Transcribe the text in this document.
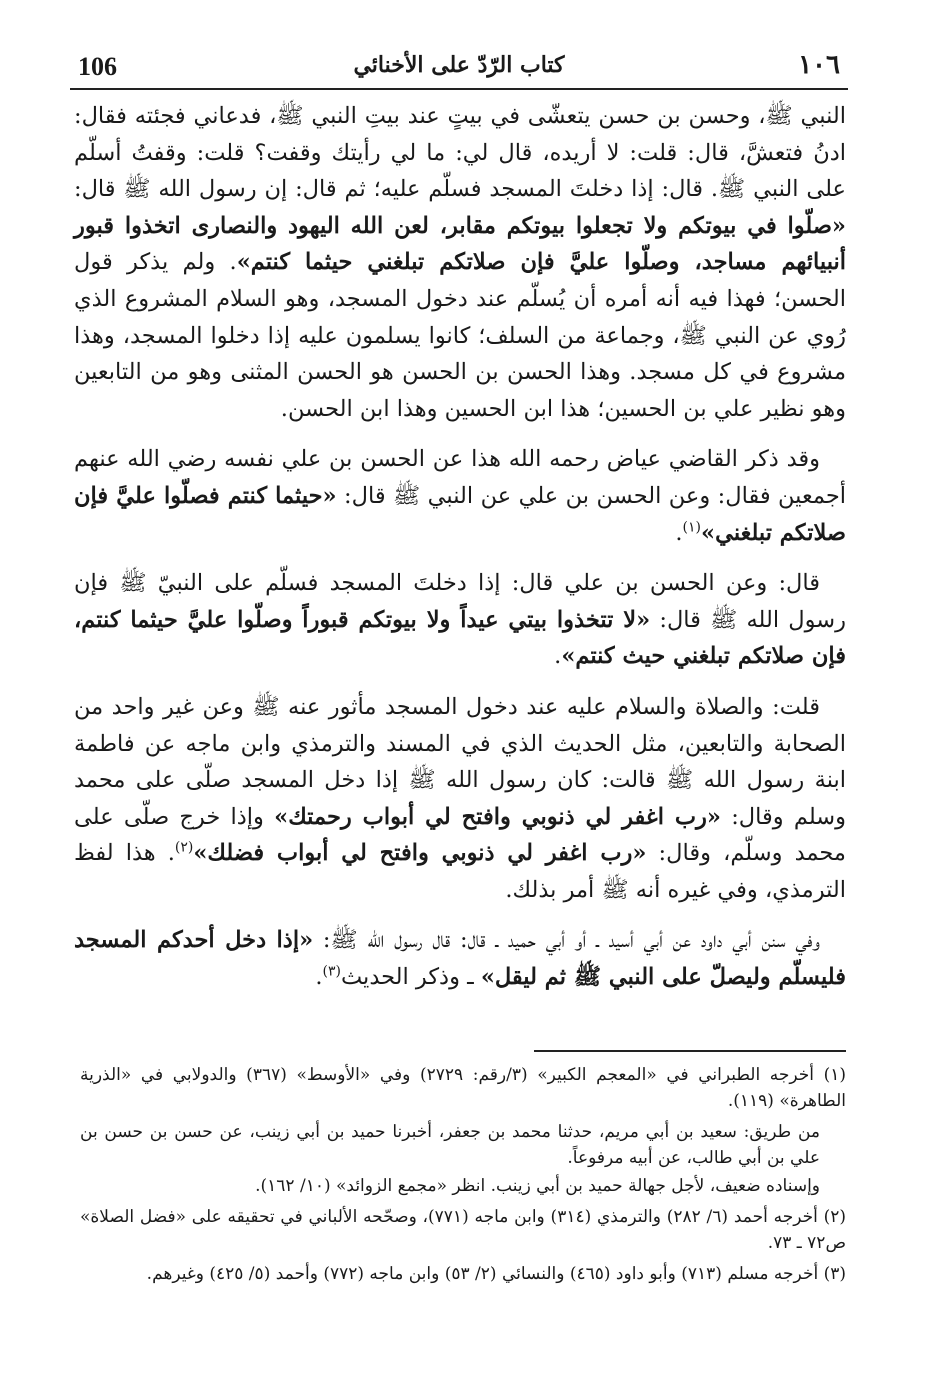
106	كتاب الرّدّ على الأخنائي	١٠٦

النبي ﷺ، وحسن بن حسن يتعشّى في بيتٍ عند بيتِ النبي ﷺ، فدعاني فجئته فقال: ادنُ فتعشَّ، قال: قلت: لا أريده، قال لي: ما لي رأيتك وقفت؟ قلت: وقفتُ أسلّم على النبي ﷺ. قال: إذا دخلتَ المسجد فسلّم عليه؛ ثم قال: إن رسول الله ﷺ قال: «صلّوا في بيوتكم ولا تجعلوا بيوتكم مقابر، لعن الله اليهود والنصارى اتخذوا قبور أنبيائهم مساجد، وصلّوا عليَّ فإن صلاتكم تبلغني حيثما كنتم». ولم يذكر قول الحسن؛ فهذا فيه أنه أمره أن يُسلّم عند دخول المسجد، وهو السلام المشروع الذي رُوي عن النبي ﷺ، وجماعة من السلف؛ كانوا يسلمون عليه إذا دخلوا المسجد، وهذا مشروع في كل مسجد. وهذا الحسن بن الحسن هو الحسن المثنى وهو من التابعين وهو نظير علي بن الحسين؛ هذا ابن الحسين وهذا ابن الحسن.

وقد ذكر القاضي عياض رحمه الله هذا عن الحسن بن علي نفسه رضي الله عنهم أجمعين فقال: وعن الحسن بن علي عن النبي ﷺ قال: «حيثما كنتم فصلّوا عليَّ فإن صلاتكم تبلغني»$^{(١)}$.

قال: وعن الحسن بن علي قال: إذا دخلتَ المسجد فسلّم على النبيّ ﷺ فإن رسول الله ﷺ قال: «لا تتخذوا بيتي عيداً ولا بيوتكم قبوراً وصلّوا عليَّ حيثما كنتم، فإن صلاتكم تبلغني حيث كنتم».

قلت: والصلاة والسلام عليه عند دخول المسجد مأثور عنه ﷺ وعن غير واحد من الصحابة والتابعين، مثل الحديث الذي في المسند والترمذي وابن ماجه عن فاطمة ابنة رسول الله ﷺ قالت: كان رسول الله ﷺ إذا دخل المسجد صلّى على محمد وسلم وقال: «رب اغفر لي ذنوبي وافتح لي أبواب رحمتك» وإذا خرج صلّى على محمد وسلّم، وقال: «رب اغفر لي ذنوبي وافتح لي أبواب فضلك»$^{(٢)}$. هذا لفظ الترمذي، وفي غيره أنه ﷺ أمر بذلك.

وفي سنن أبي داود عن أبي أسيد ـ أو أبي حميد ـ قال: قال رسول الله ﷺ: «إذا دخل أحدكم المسجد فليسلّم وليصلّ على النبي ﷺ ثم ليقل» ـ وذكر الحديث$^{(٣)}$.

(١) أخرجه الطبراني في «المعجم الكبير» (٣/رقم: ٢٧٢٩) وفي «الأوسط» (٣٦٧) والدولابي في «الذرية الطاهرة» (١١٩).

من طريق: سعيد بن أبي مريم، حدثنا محمد بن جعفر، أخبرنا حميد بن أبي زينب، عن حسن بن حسن بن علي بن أبي طالب، عن أبيه مرفوعاً.

وإسناده ضعيف، لأجل جهالة حميد بن أبي زينب. انظر «مجمع الزوائد» (١٠/ ١٦٢).

(٢) أخرجه أحمد (٦/ ٢٨٢) والترمذي (٣١٤) وابن ماجه (٧٧١)، وصحّحه الألباني في تحقيقه على «فضل الصلاة» ص٧٢ ـ ٧٣.

(٣) أخرجه مسلم (٧١٣) وأبو داود (٤٦٥) والنسائي (٢/ ٥٣) وابن ماجه (٧٧٢) وأحمد (٥/ ٤٢٥) وغيرهم.
